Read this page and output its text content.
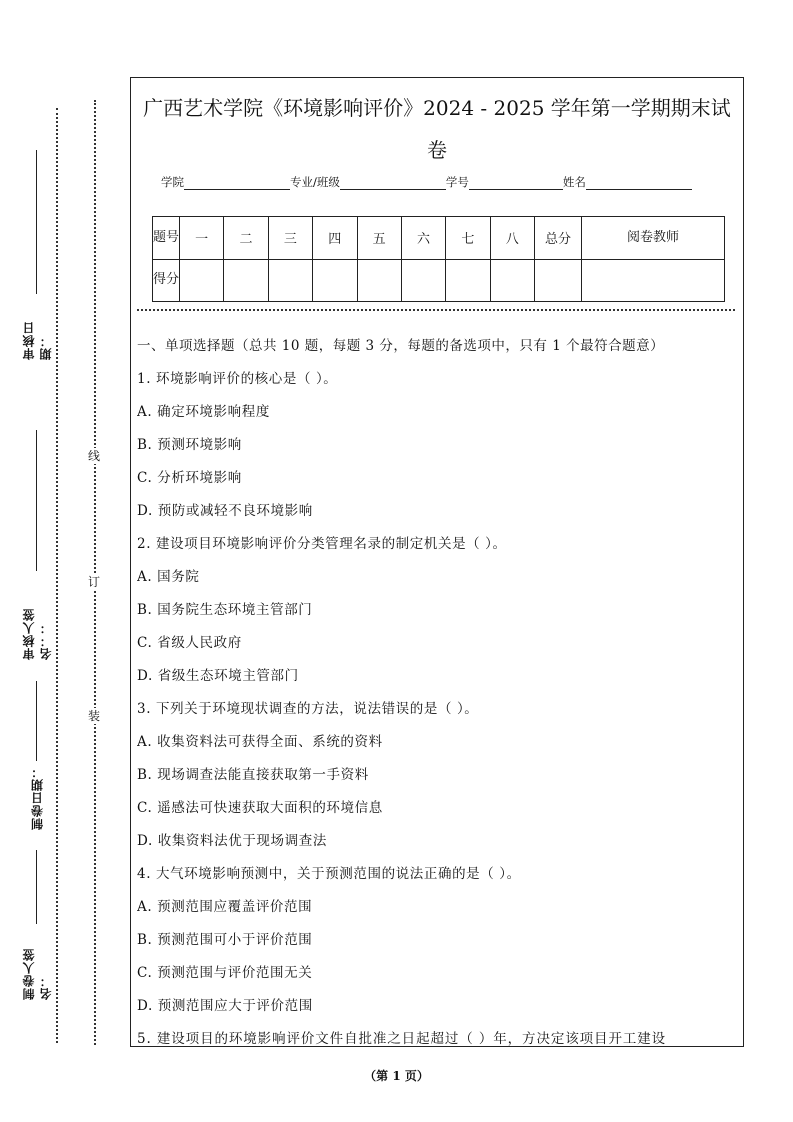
审核日期：
审核人签名：：
制卷日期：
制卷人签名：
线
订
装
广西艺术学院《环境影响评价》2024 - 2025 学年第一学期期末试卷
学院	专业/班级	学号	姓名
题号	一	二	三	四	五	六	七	八	总分	阅卷教师
得分										
一、单项选择题（总共 10 题，每题 3 分，每题的备选项中，只有 1 个最符合题意）
1. 环境影响评价的核心是（ ）。
A. 确定环境影响程度
B. 预测环境影响
C. 分析环境影响
D. 预防或减轻不良环境影响
2. 建设项目环境影响评价分类管理名录的制定机关是（ ）。
A. 国务院
B. 国务院生态环境主管部门
C. 省级人民政府
D. 省级生态环境主管部门
3. 下列关于环境现状调查的方法，说法错误的是（ ）。
A. 收集资料法可获得全面、系统的资料
B. 现场调查法能直接获取第一手资料
C. 遥感法可快速获取大面积的环境信息
D. 收集资料法优于现场调查法
4. 大气环境影响预测中，关于预测范围的说法正确的是（ ）。
A. 预测范围应覆盖评价范围
B. 预测范围可小于评价范围
C. 预测范围与评价范围无关
D. 预测范围应大于评价范围
5. 建设项目的环境影响评价文件自批准之日起超过（ ）年，方决定该项目开工建设
（第 1 页）
